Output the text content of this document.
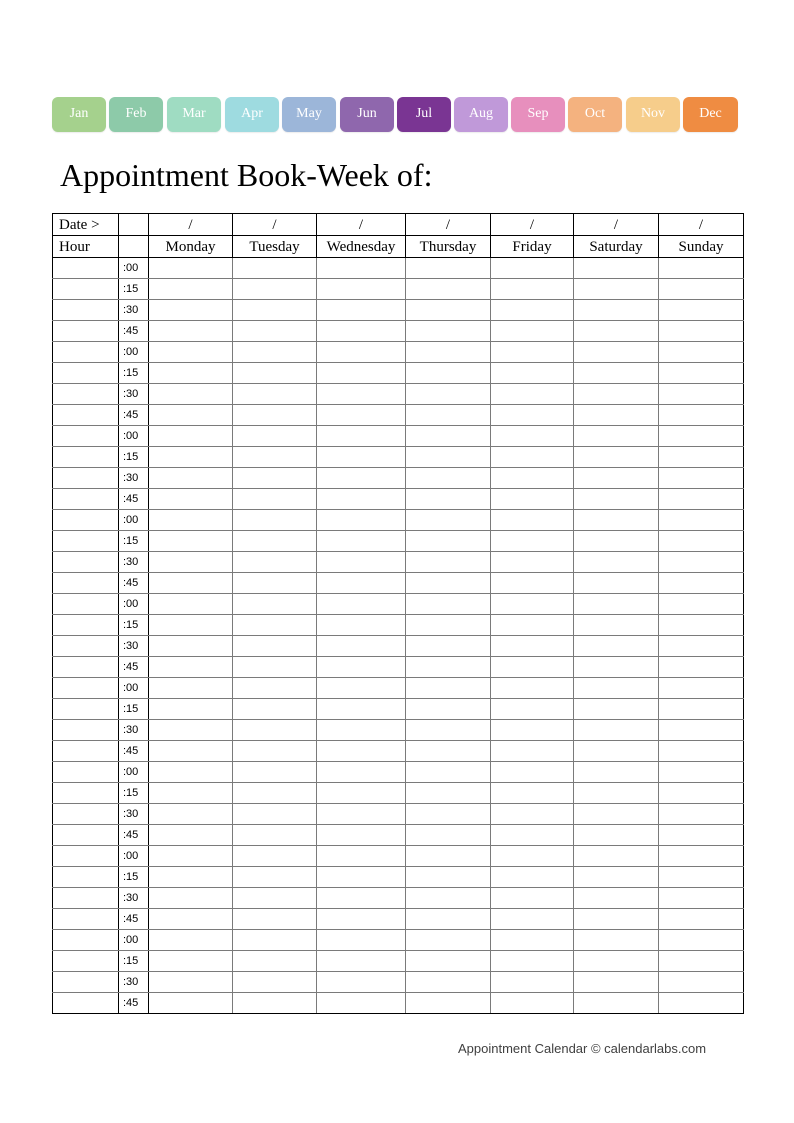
Jan	Feb	Mar	Apr	May	Jun	Jul	Aug	Sep	Oct	Nov	Dec
Appointment Book-Week of:
Date >		/	/	/	/	/	/	/
Hour		Monday	Tuesday	Wednesday	Thursday	Friday	Saturday	Sunday
	:00							
	:15							
	:30							
	:45							
	:00							
	:15							
	:30							
	:45							
	:00							
	:15							
	:30							
	:45							
	:00							
	:15							
	:30							
	:45							
	:00							
	:15							
	:30							
	:45							
	:00							
	:15							
	:30							
	:45							
	:00							
	:15							
	:30							
	:45							
	:00							
	:15							
	:30							
	:45							
	:00							
	:15							
	:30							
	:45							
Appointment Calendar © calendarlabs.com
